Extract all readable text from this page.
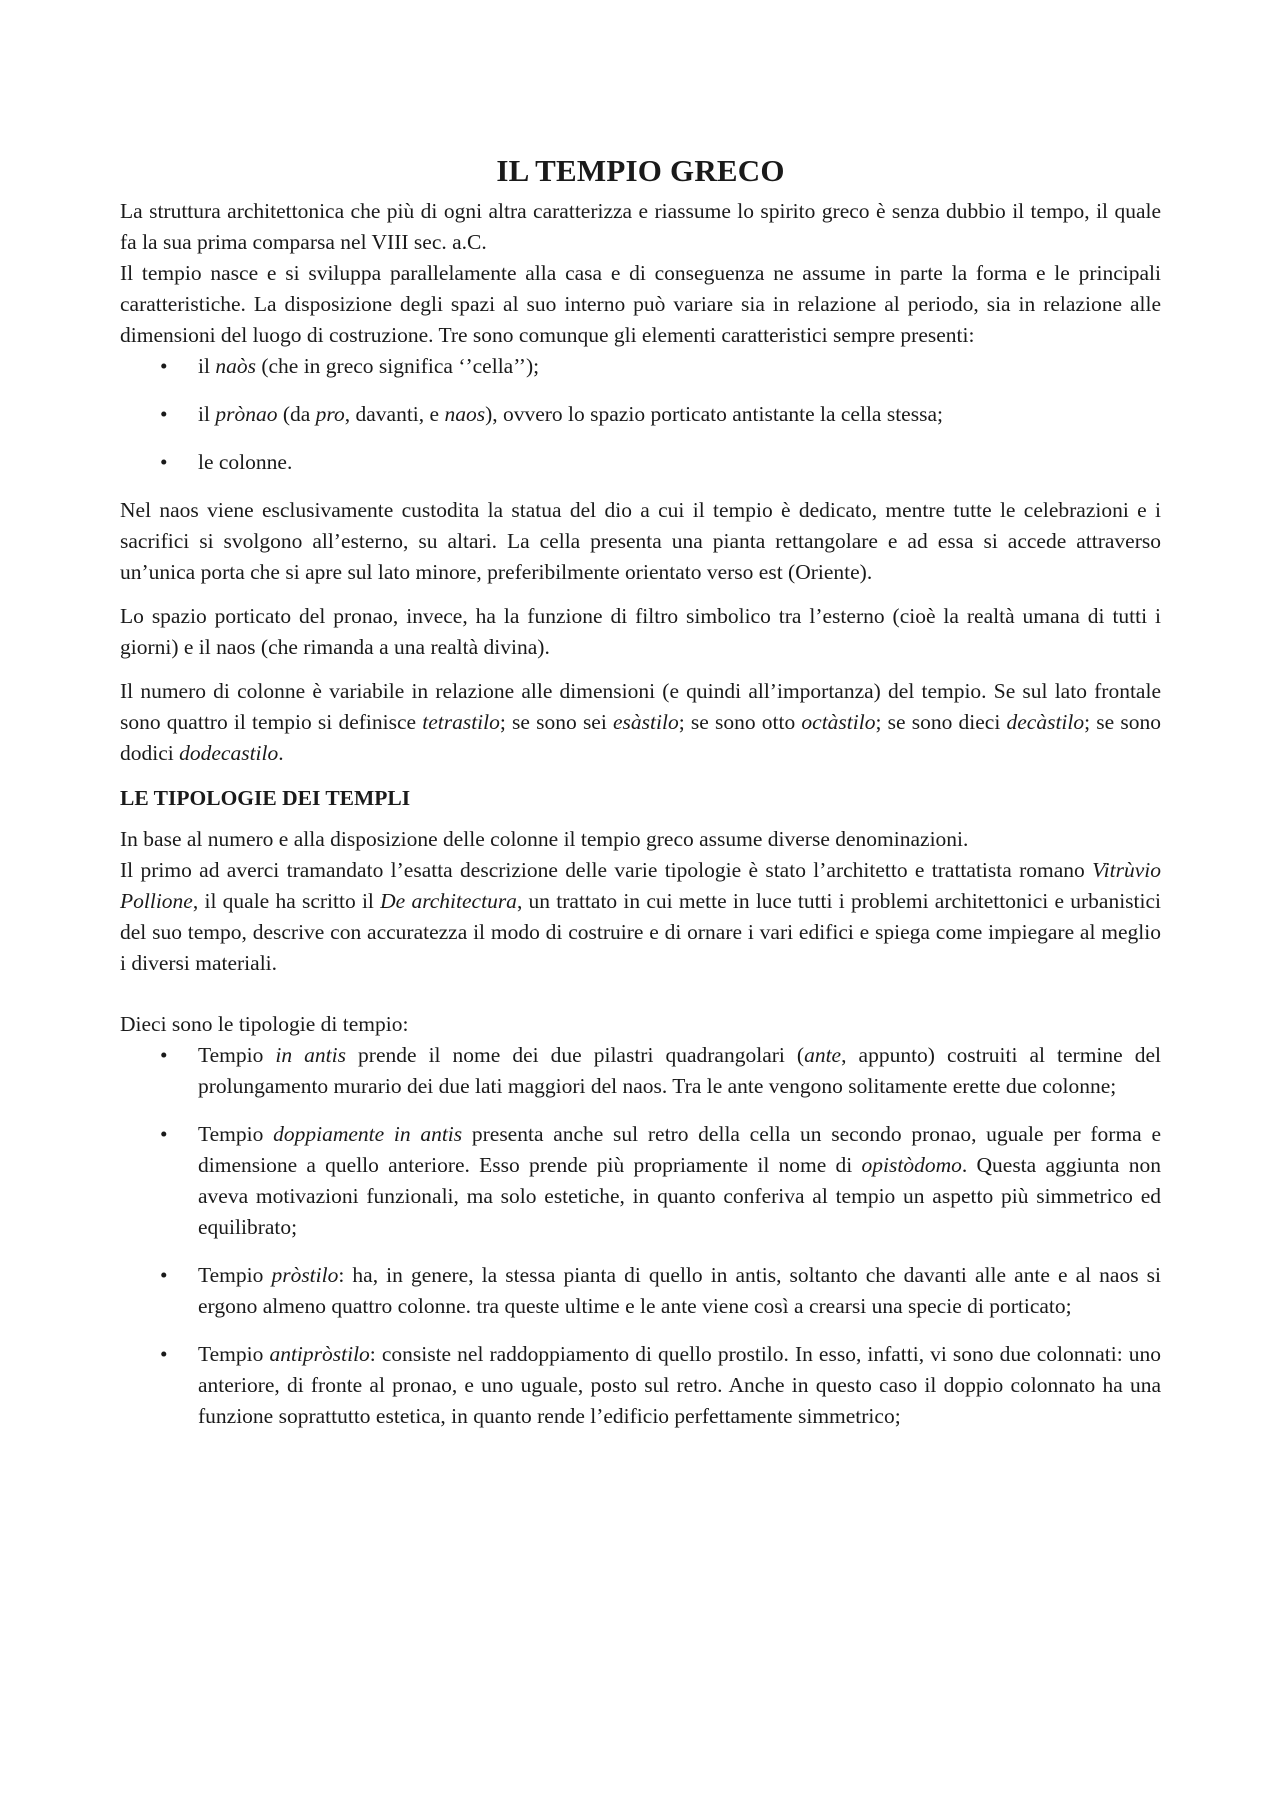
IL TEMPIO GRECO

La struttura architettonica che più di ogni altra caratterizza e riassume lo spirito greco è senza dubbio il tempo, il quale fa la sua prima comparsa nel VIII sec. a.C.

Il tempio nasce e si sviluppa parallelamente alla casa e di conseguenza ne assume in parte la forma e le principali caratteristiche. La disposizione degli spazi al suo interno può variare sia in relazione al periodo, sia in relazione alle dimensioni del luogo di costruzione. Tre sono comunque gli elementi caratteristici sempre presenti:

•	il naòs (che in greco significa ‘’cella’’);
•	il prònao (da pro, davanti, e naos), ovvero lo spazio porticato antistante la cella stessa;
•	le colonne.

Nel naos viene esclusivamente custodita la statua del dio a cui il tempio è dedicato, mentre tutte le celebrazioni e i sacrifici si svolgono all’esterno, su altari. La cella presenta una pianta rettangolare e ad essa si accede attraverso un’unica porta che si apre sul lato minore, preferibilmente orientato verso est (Oriente).

Lo spazio porticato del pronao, invece, ha la funzione di filtro simbolico tra l’esterno (cioè la realtà umana di tutti i giorni) e il naos (che rimanda a una realtà divina).

Il numero di colonne è variabile in relazione alle dimensioni (e quindi all’importanza) del tempio. Se sul lato frontale sono quattro il tempio si definisce tetrastilo; se sono sei esàstilo; se sono otto octàstilo; se sono dieci decàstilo; se sono dodici dodecastilo.

LE TIPOLOGIE DEI TEMPLI

In base al numero e alla disposizione delle colonne il tempio greco assume diverse denominazioni.

Il primo ad averci tramandato l’esatta descrizione delle varie tipologie è stato l’architetto e trattatista romano Vitrùvio Pollione, il quale ha scritto il De architectura, un trattato in cui mette in luce tutti i problemi architettonici e urbanistici del suo tempo, descrive con accuratezza il modo di costruire e di ornare i vari edifici e spiega come impiegare al meglio i diversi materiali.

Dieci sono le tipologie di tempio:

•	Tempio in antis prende il nome dei due pilastri quadrangolari (ante, appunto) costruiti al termine del prolungamento murario dei due lati maggiori del naos. Tra le ante vengono solitamente erette due colonne;
•	Tempio doppiamente in antis presenta anche sul retro della cella un secondo pronao, uguale per forma e dimensione a quello anteriore. Esso prende più propriamente il nome di opistòdomo. Questa aggiunta non aveva motivazioni funzionali, ma solo estetiche, in quanto conferiva al tempio un aspetto più simmetrico ed equilibrato;
•	Tempio pròstilo: ha, in genere, la stessa pianta di quello in antis, soltanto che davanti alle ante e al naos si ergono almeno quattro colonne. tra queste ultime e le ante viene così a crearsi una specie di porticato;
•	Tempio antipròstilo: consiste nel raddoppiamento di quello prostilo. In esso, infatti, vi sono due colonnati: uno anteriore, di fronte al pronao, e uno uguale, posto sul retro. Anche in questo caso il doppio colonnato ha una funzione soprattutto estetica, in quanto rende l’edificio perfettamente simmetrico;
